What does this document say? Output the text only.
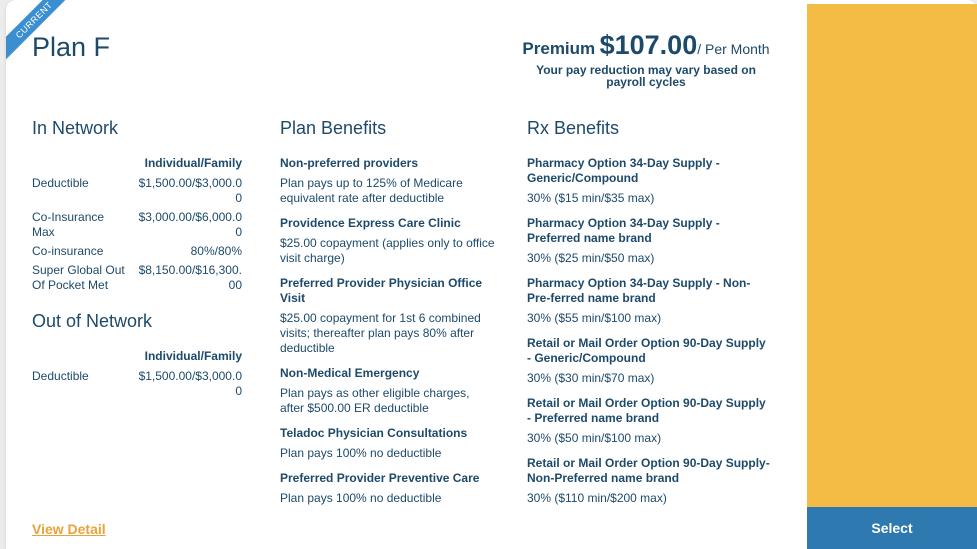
CURRENT
Plan F	Premium $107.00/ Per Month
Your pay reduction may vary based on payroll cycles
In Network
Individual/Family
Deductible	$1,500.00/$3,000.00
Co-Insurance Max
$3,000.00/$6,000.00
Co-insurance	80%/80%
Super Global Out Of Pocket Met
$8,150.00/$16,300.00
Out of Network
Individual/Family
Deductible	$1,500.00/$3,000.00
Plan Benefits
Non-preferred providers
Plan pays up to 125% of Medicare equivalent rate after deductible
Providence Express Care Clinic
$25.00 copayment (applies only to office visit charge)
Preferred Provider Physician Office Visit
$25.00 copayment for 1st 6 combined visits; thereafter plan pays 80% after deductible
Non-Medical Emergency
Plan pays as other eligible charges, after $500.00 ER deductible
Teladoc Physician Consultations
Plan pays 100% no deductible
Preferred Provider Preventive Care
Plan pays 100% no deductible
Rx Benefits
Pharmacy Option 34-Day Supply - Generic/Compound
30% ($15 min/$35 max)
Pharmacy Option 34-Day Supply - Preferred name brand
30% ($25 min/$50 max)
Pharmacy Option 34-Day Supply - Non-Pre-ferred name brand
30% ($55 min/$100 max)
Retail or Mail Order Option 90-Day Supply - Generic/Compound
30% ($30 min/$70 max)
Retail or Mail Order Option 90-Day Supply - Preferred name brand
30% ($50 min/$100 max)
Retail or Mail Order Option 90-Day Supply- Non-Preferred name brand
30% ($110 min/$200 max)
View Detail	Select
